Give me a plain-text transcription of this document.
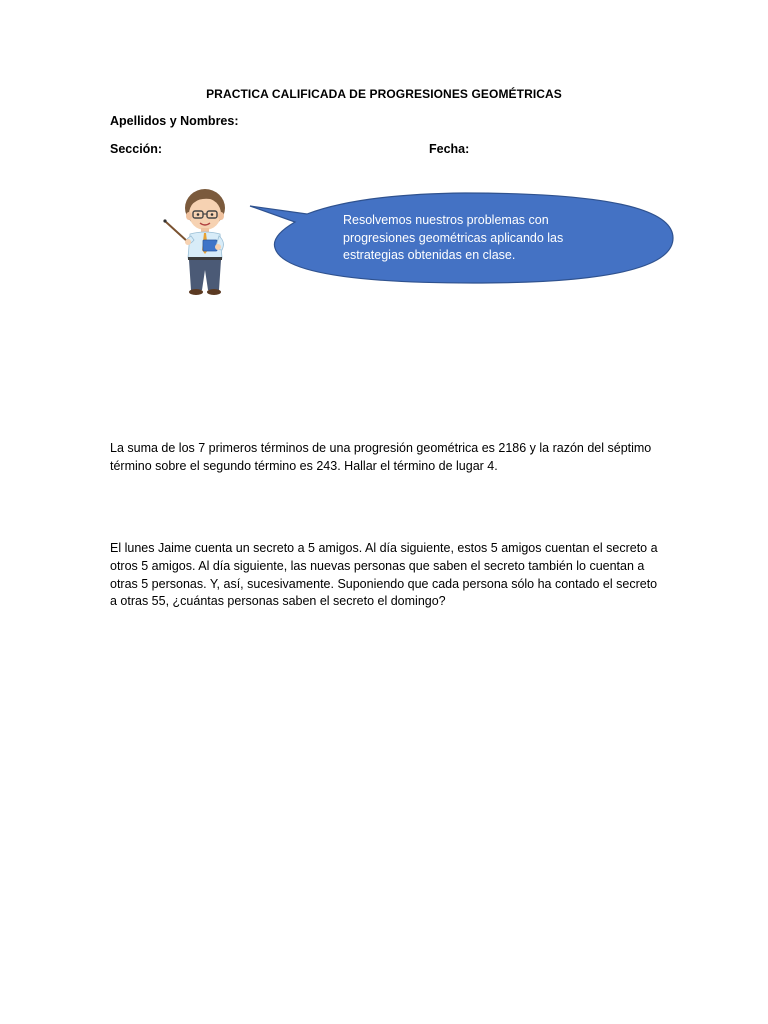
PRACTICA CALIFICADA DE PROGRESIONES GEOMÉTRICAS
Apellidos y Nombres:
Sección:	Fecha:
Resolvemos nuestros problemas con progresiones geométricas aplicando las estrategias obtenidas en clase.
La suma de los 7 primeros términos de una progresión geométrica es 2186 y la razón del séptimo término sobre el segundo término es 243. Hallar el término de lugar 4.
El lunes Jaime cuenta un secreto a 5 amigos. Al día siguiente, estos 5 amigos cuentan el secreto a otros 5 amigos. Al día siguiente, las nuevas personas que saben el secreto también lo cuentan a otras 5 personas. Y, así, sucesivamente. Suponiendo que cada persona sólo ha contado el secreto a otras 55, ¿cuántas personas saben el secreto el domingo?
